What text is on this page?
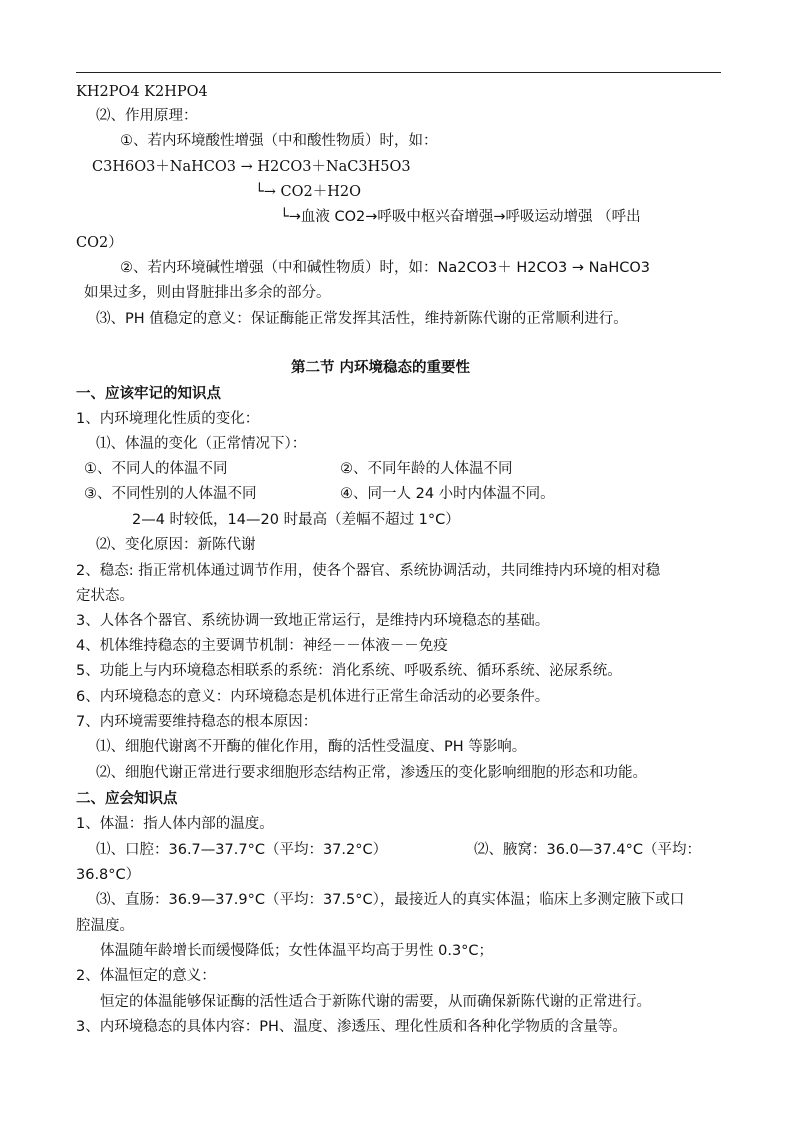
KH2PO4 K2HPO4
⑵、作用原理：
①、若内环境酸性增强（中和酸性物质）时，如：
C3H6O3＋NaHCO3 → H2CO3＋NaC3H5O3
└→ CO2＋H2O
└→血液 CO2→呼吸中枢兴奋增强→呼吸运动增强 （呼出
CO2）
②、若内环境碱性增强（中和碱性物质）时，如：Na2CO3＋ H2CO3 → NaHCO3
如果过多，则由肾脏排出多余的部分。
⑶、PH 值稳定的意义：保证酶能正常发挥其活性，维持新陈代谢的正常顺利进行。
第二节 内环境稳态的重要性
一、应该牢记的知识点
1、内环境理化性质的变化：
⑴、体温的变化（正常情况下）：
①、不同人的体温不同	②、不同年龄的人体温不同
③、不同性别的人体温不同	④、同一人 24 小时内体温不同。
2—4 时较低，14—20 时最高（差幅不超过 1°C）
⑵、变化原因：新陈代谢
2、稳态: 指正常机体通过调节作用，使各个器官、系统协调活动，共同维持内环境的相对稳
定状态。
3、人体各个器官、系统协调一致地正常运行，是维持内环境稳态的基础。
4、机体维持稳态的主要调节机制：神经－－体液－－免疫
5、功能上与内环境稳态相联系的系统：消化系统、呼吸系统、循环系统、泌尿系统。
6、内环境稳态的意义：内环境稳态是机体进行正常生命活动的必要条件。
7、内环境需要维持稳态的根本原因：
⑴、细胞代谢离不开酶的催化作用，酶的活性受温度、PH 等影响。
⑵、细胞代谢正常进行要求细胞形态结构正常，渗透压的变化影响细胞的形态和功能。
二、应会知识点
1、体温：指人体内部的温度。
⑴、口腔：36.7—37.7°C（平均：37.2°C）	⑵、腋窝：36.0—37.4°C（平均：
36.8°C）
⑶、直肠：36.9—37.9°C（平均：37.5°C），最接近人的真实体温；临床上多测定腋下或口
腔温度。
体温随年龄增长而缓慢降低；女性体温平均高于男性 0.3°C；
2、体温恒定的意义：
恒定的体温能够保证酶的活性适合于新陈代谢的需要，从而确保新陈代谢的正常进行。
3、内环境稳态的具体内容：PH、温度、渗透压、理化性质和各种化学物质的含量等。
